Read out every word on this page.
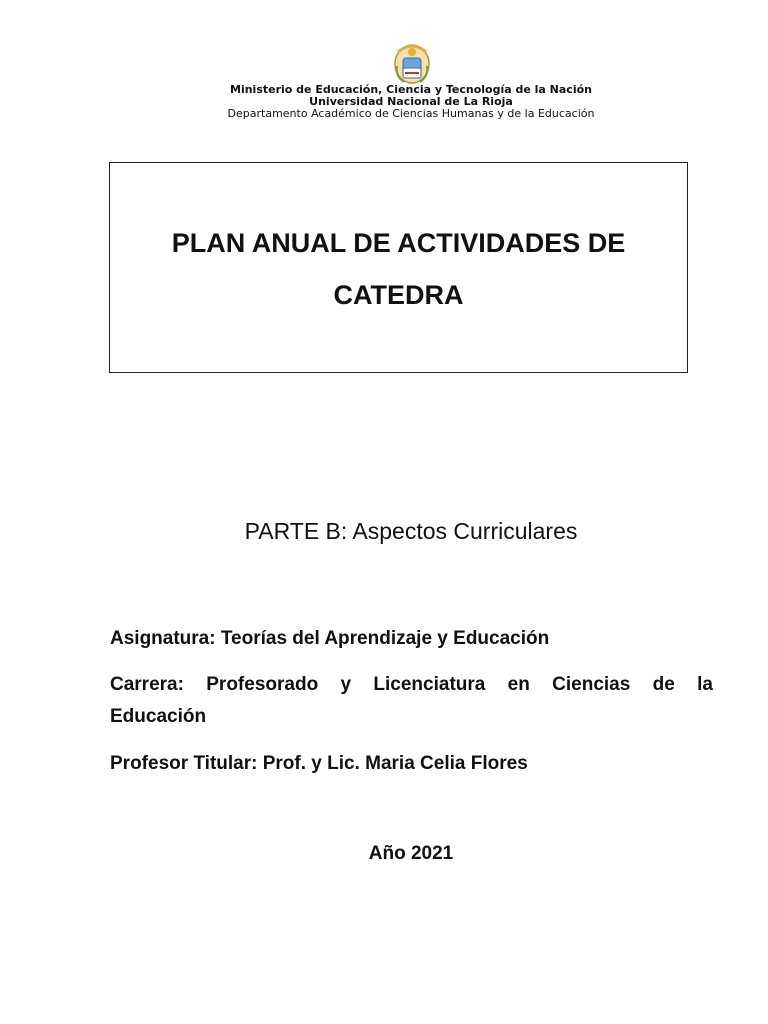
Ministerio de Educación, Ciencia y Tecnología de la Nación
Universidad Nacional de La Rioja
Departamento Académico de Ciencias Humanas y de la Educación
PLAN ANUAL DE ACTIVIDADES DE
CATEDRA
PARTE B: Aspectos Curriculares
Asignatura: Teorías del Aprendizaje y Educación
Carrera: Profesorado y Licenciatura en Ciencias de la
Educación
Profesor Titular: Prof. y Lic. Maria Celia Flores
Año 2021
